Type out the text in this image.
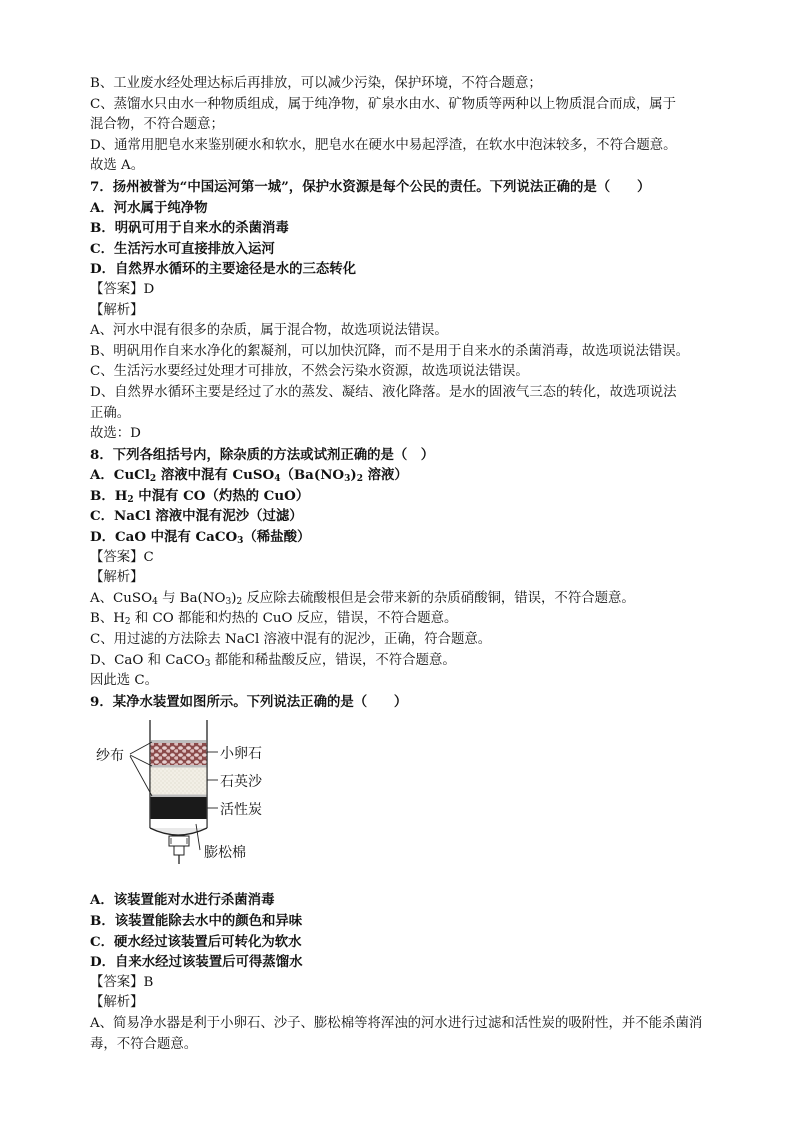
B、工业废水经处理达标后再排放，可以减少污染，保护环境，不符合题意；
C、蒸馏水只由水一种物质组成，属于纯净物，矿泉水由水、矿物质等两种以上物质混合而成，属于
混合物，不符合题意；
D、通常用肥皂水来鉴别硬水和软水，肥皂水在硬水中易起浮渣，在软水中泡沫较多，不符合题意。
故选 A。
7．扬州被誉为“中国运河第一城”，保护水资源是每个公民的责任。下列说法正确的是（　　）
A．河水属于纯净物
B．明矾可用于自来水的杀菌消毒
C．生活污水可直接排放入运河
D．自然界水循环的主要途径是水的三态转化
【答案】D
【解析】
A、河水中混有很多的杂质，属于混合物，故选项说法错误。
B、明矾用作自来水净化的絮凝剂，可以加快沉降，而不是用于自来水的杀菌消毒，故选项说法错误。
C、生活污水要经过处理才可排放，不然会污染水资源，故选项说法错误。
D、自然界水循环主要是经过了水的蒸发、凝结、液化降落。是水的固液气三态的转化，故选项说法
正确。
故选：D
8．下列各组括号内，除杂质的方法或试剂正确的是（　）
A．CuCl$_2$ 溶液中混有 $CuSO_4(Ba(NO_3)_2$ 溶液）
B．$H_2$ 中混有 CO（灼热的 CuO）
C．NaCl 溶液中混有泥沙（过滤）
D．CaO 中混有 CaCO$_3$（稀盐酸）
【答案】C
【解析】
A、CuSO$_4$ 与 $Ba(NO_3)_2$ 反应除去硫酸根但是会带来新的杂质硝酸铜，错误，不符合题意。
B、$H_2$ 和 CO 都能和灼热的 CuO 反应，错误，不符合题意。
C、用过滤的方法除去 NaCl 溶液中混有的泥沙，正确，符合题意。
D、CaO 和 CaCO$_3$ 都能和稀盐酸反应，错误，不符合题意。
因此选 C。
9．某净水装置如图所示。下列说法正确的是（　　）
纱布	小卵石
石英沙
活性炭
膨松棉
A．该装置能对水进行杀菌消毒
B．该装置能除去水中的颜色和异味
C．硬水经过该装置后可转化为软水
D．自来水经过该装置后可得蒸馏水
【答案】B
【解析】
A、简易净水器是利于小卵石、沙子、膨松棉等将浑浊的河水进行过滤和活性炭的吸附性，并不能杀菌消毒，不符合题意。
